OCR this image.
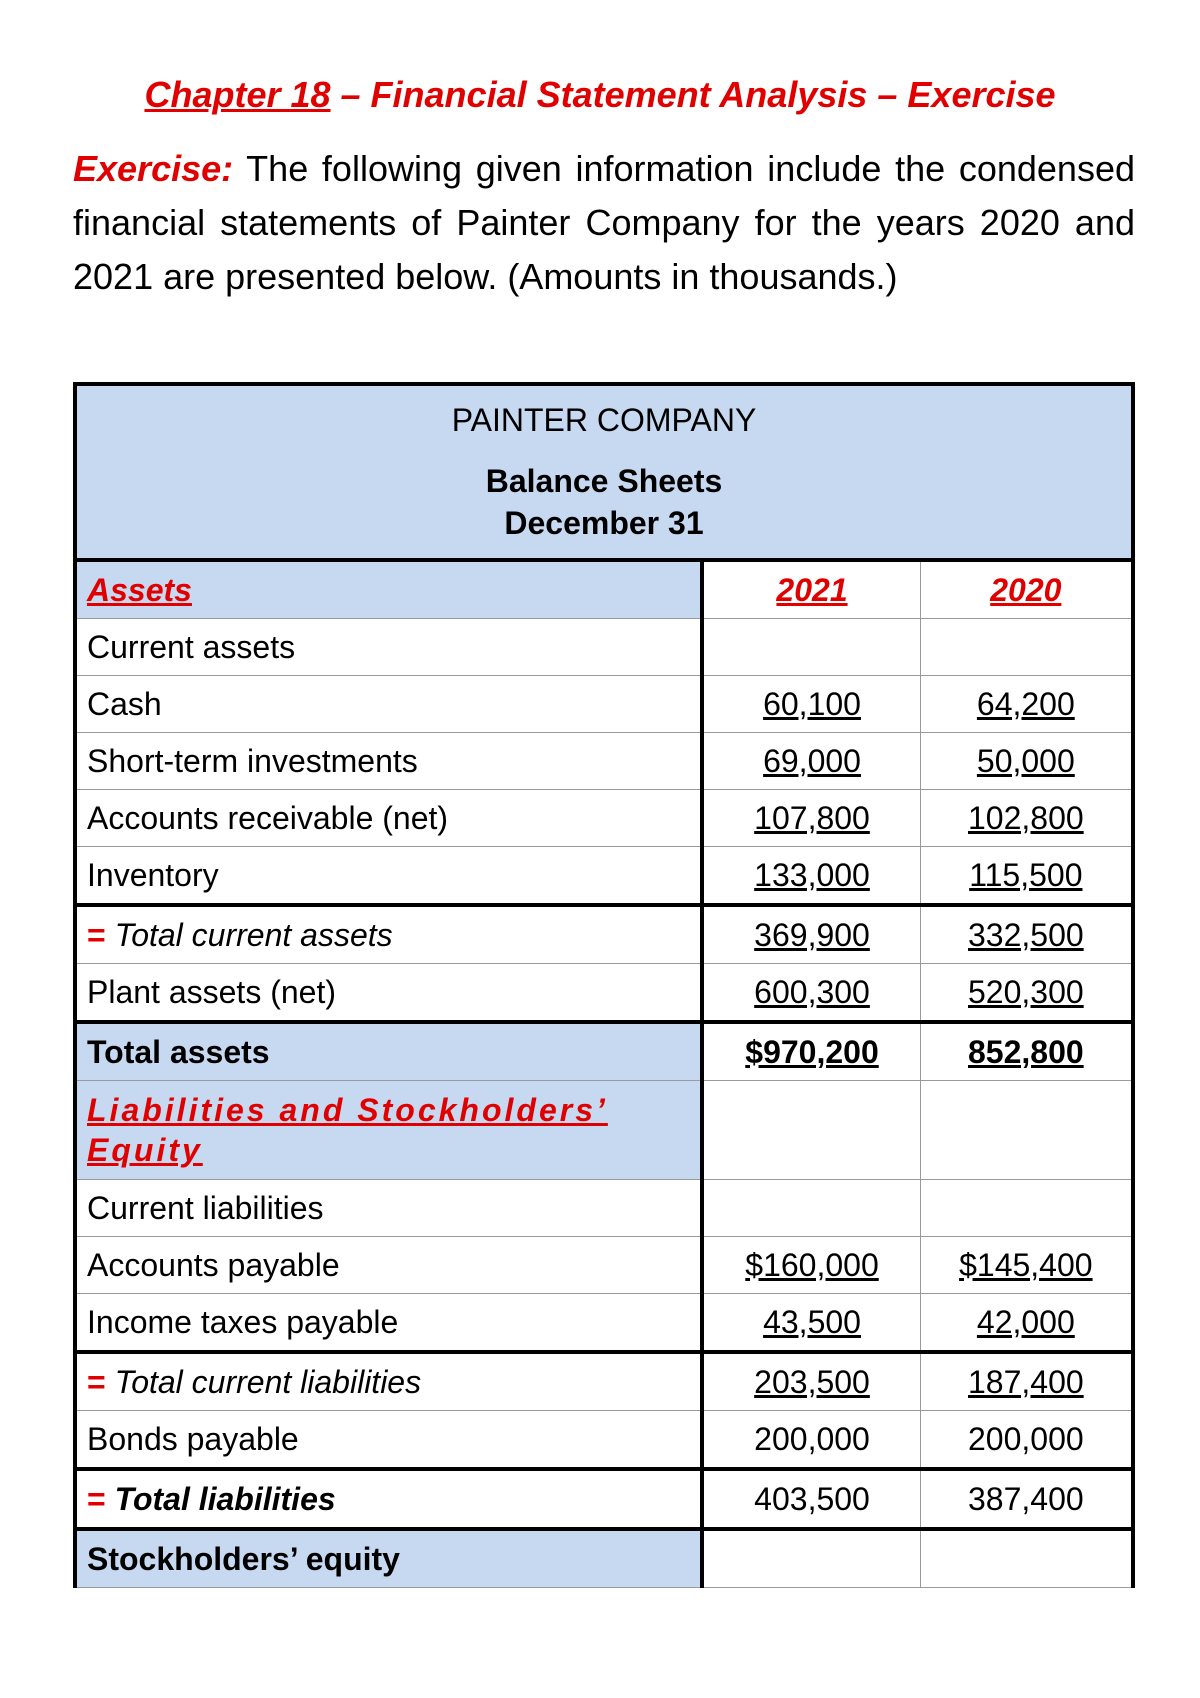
Chapter 18 – Financial Statement Analysis – Exercise
Exercise: The following given information include the condensed financial statements of Painter Company for the years 2020 and 2021 are presented below. (Amounts in thousands.)
PAINTER COMPANY
Balance Sheets
December 31		

Assets	2021	2020
Current assets		
Cash	60,100	64,200
Short-term investments	69,000	50,000
Accounts receivable (net)	107,800	102,800
Inventory	133,000	115,500
= Total current assets	369,900	332,500
Plant assets (net)	600,300	520,300
Total assets	$970,200	852,800
Liabilities and Stockholders’ Equity		
Current liabilities		
Accounts payable	$160,000	$145,400
Income taxes payable	43,500	42,000
= Total current liabilities	203,500	187,400
Bonds payable	200,000	200,000
= Total liabilities	403,500	387,400
Stockholders’ equity		
